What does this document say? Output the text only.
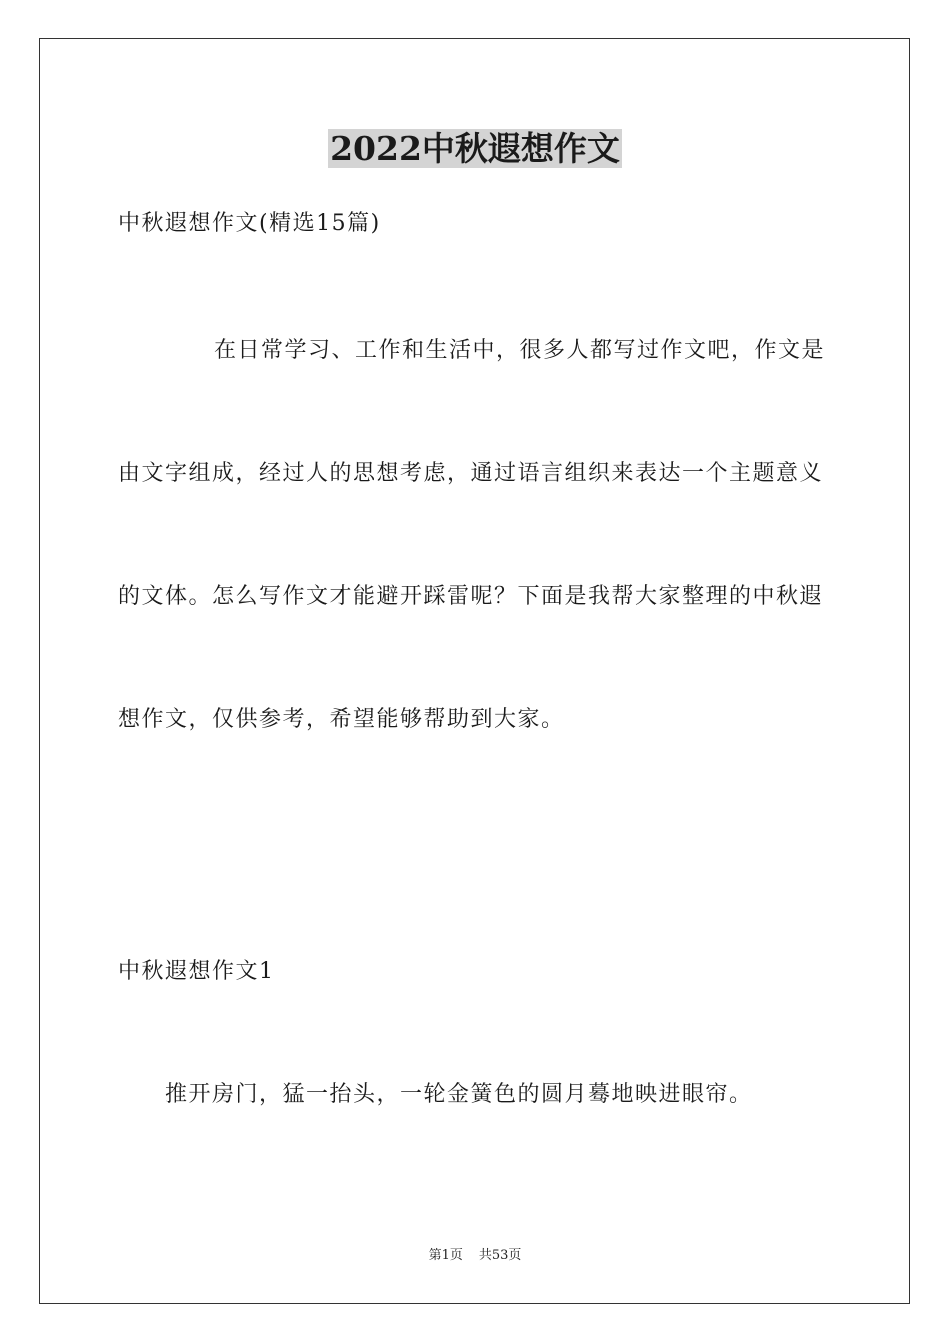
2022中秋遐想作文
中秋遐想作文(精选15篇)
在日常学习、工作和生活中，很多人都写过作文吧，作文是
由文字组成，经过人的思想考虑，通过语言组织来表达一个主题意义
的文体。怎么写作文才能避开踩雷呢？下面是我帮大家整理的中秋遐
想作文，仅供参考，希望能够帮助到大家。
中秋遐想作文1
推开房门，猛一抬头，一轮金簧色的圆月蓦地映进眼帘。
第1页 共53页
